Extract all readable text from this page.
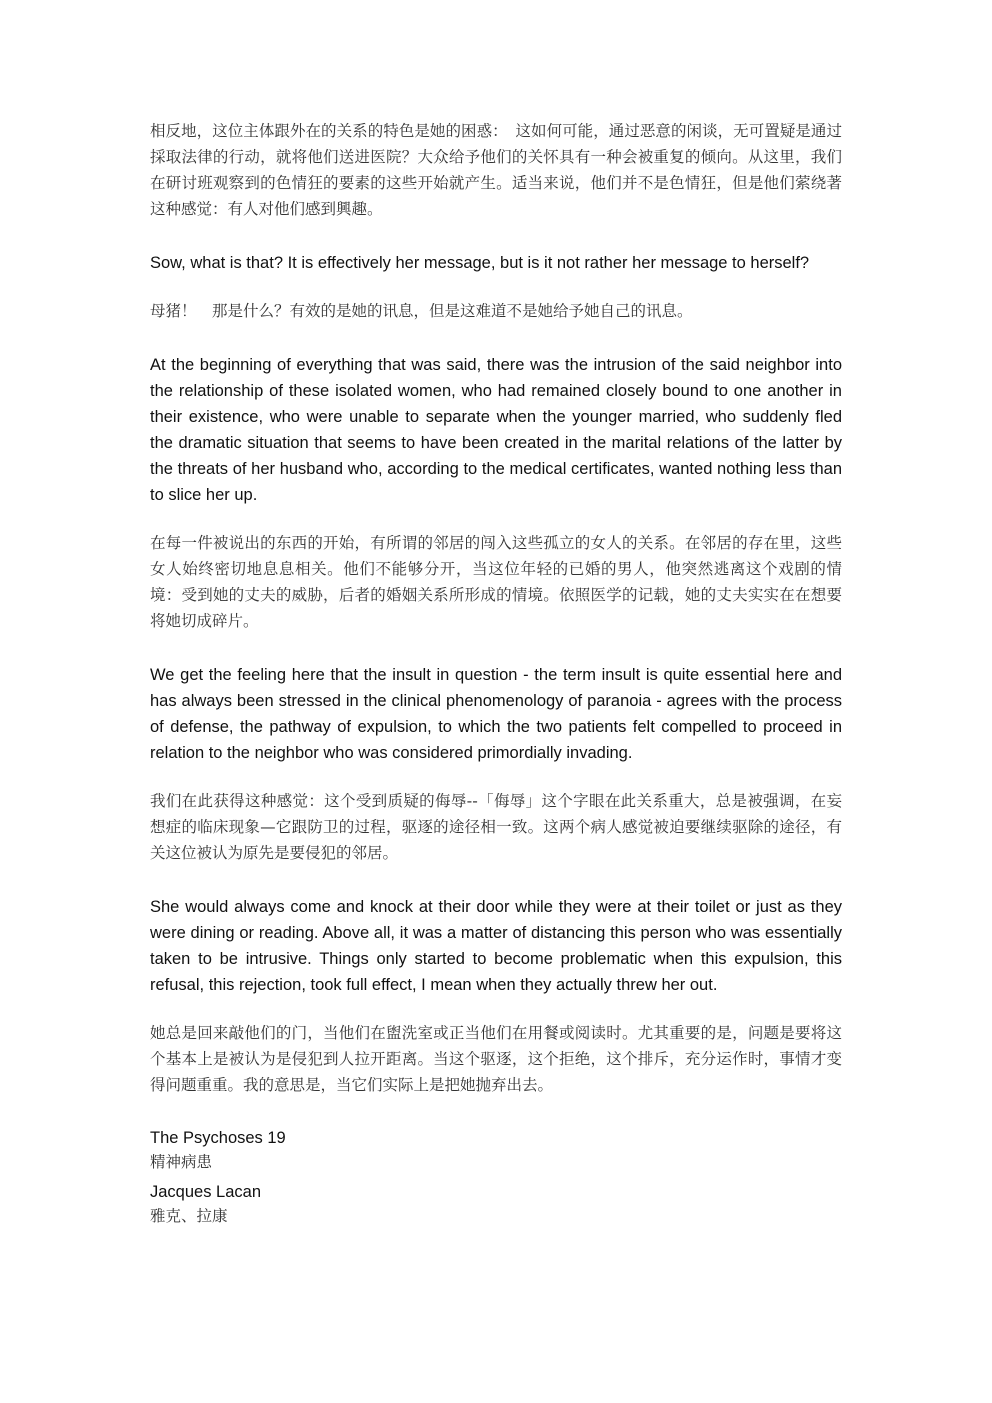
相反地，这位主体跟外在的关系的特色是她的困惑：　这如何可能，通过恶意的闲谈，无可置疑是通过採取法律的行动，就将他们送进医院？大众给予他们的关怀具有一种会被重复的倾向。从这里，我们在研讨班观察到的色情狂的要素的这些开始就产生。适当来说，他们并不是色情狂，但是他们萦绕著这种感觉：有人对他们感到興趣。

Sow, what is that? It is effectively her message, but is it not rather her message to herself?

母猪！　那是什么？有效的是她的讯息，但是这难道不是她给予她自己的讯息。

At the beginning of everything that was said, there was the intrusion of the said neighbor into the relationship of these isolated women, who had remained closely bound to one another in their existence, who were unable to separate when the younger married, who suddenly fled the dramatic situation that seems to have been created in the marital relations of the latter by the threats of her husband who, according to the medical certificates, wanted nothing less than to slice her up.

在每一件被说出的东西的开始，有所谓的邻居的闯入这些孤立的女人的关系。在邻居的存在里，这些女人始终密切地息息相关。他们不能够分开，当这位年轻的已婚的男人，他突然逃离这个戏剧的情境：受到她的丈夫的威胁，后者的婚姻关系所形成的情境。依照医学的记载，她的丈夫实实在在想要将她切成碎片。

We get the feeling here that the insult in question - the term insult is quite essential here and has always been stressed in the clinical phenomenology of paranoia - agrees with the process of defense, the pathway of expulsion, to which the two patients felt compelled to proceed in relation to the neighbor who was considered primordially invading.

我们在此获得这种感觉：这个受到质疑的侮辱--「侮辱」这个字眼在此关系重大，总是被强调，在妄想症的临床现象—它跟防卫的过程，驱逐的途径相一致。这两个病人感觉被迫要继续驱除的途径，有关这位被认为原先是要侵犯的邻居。

She would always come and knock at their door while they were at their toilet or just as they were dining or reading. Above all, it was a matter of distancing this person who was essentially taken to be intrusive. Things only started to become problematic when this expulsion, this refusal, this rejection, took full effect, I mean when they actually threw her out.

她总是回来敲他们的门，当他们在盥洗室或正当他们在用餐或阅读时。尤其重要的是，问题是要将这个基本上是被认为是侵犯到人拉开距离。当这个驱逐，这个拒绝，这个排斥，充分运作时，事情才变得问题重重。我的意思是，当它们实际上是把她抛弃出去。

The Psychoses 19

精神病患

Jacques Lacan

雅克、拉康
